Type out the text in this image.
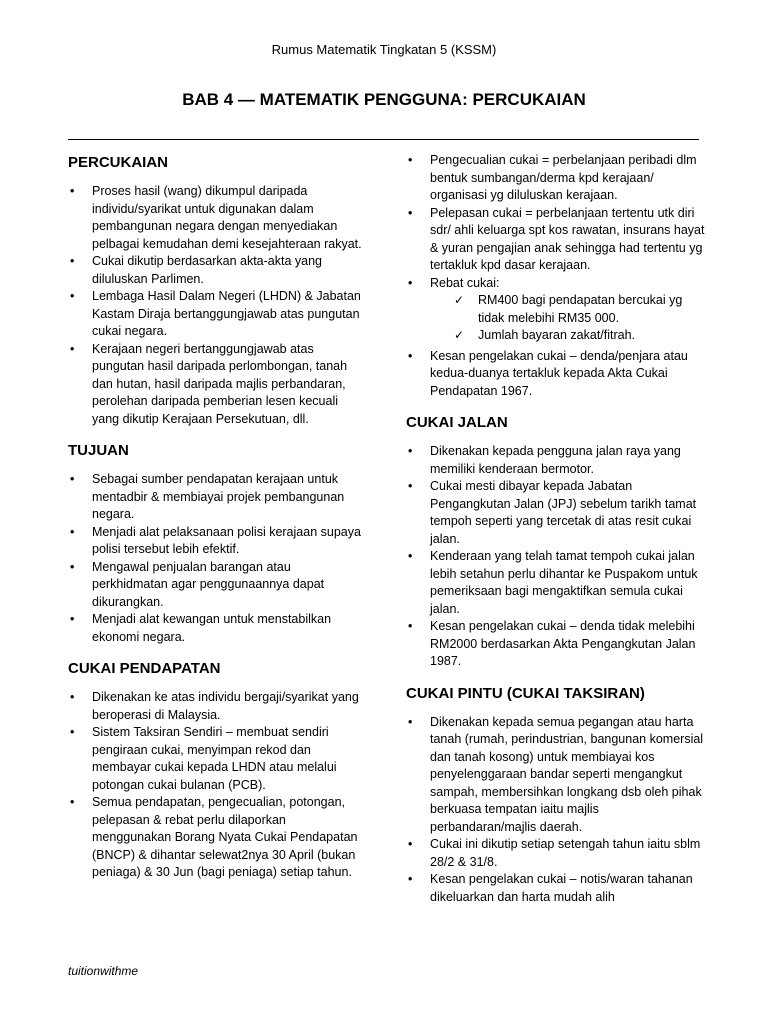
Rumus Matematik Tingkatan 5 (KSSM)
BAB 4 — MATEMATIK PENGGUNA: PERCUKAIAN
PERCUKAIAN
• Proses hasil (wang) dikumpul daripada individu/syarikat untuk digunakan dalam pembangunan negara dengan menyediakan pelbagai kemudahan demi kesejahteraan rakyat.
• Cukai dikutip berdasarkan akta-akta yang diluluskan Parlimen.
• Lembaga Hasil Dalam Negeri (LHDN) & Jabatan Kastam Diraja bertanggungjawab atas pungutan cukai negara.
• Kerajaan negeri bertanggungjawab atas pungutan hasil daripada perlombongan, tanah dan hutan, hasil daripada majlis perbandaran, perolehan daripada pemberian lesen kecuali yang dikutip Kerajaan Persekutuan, dll.
TUJUAN
• Sebagai sumber pendapatan kerajaan untuk mentadbir & membiayai projek pembangunan negara.
• Menjadi alat pelaksanaan polisi kerajaan supaya polisi tersebut lebih efektif.
• Mengawal penjualan barangan atau perkhidmatan agar penggunaannya dapat dikurangkan.
• Menjadi alat kewangan untuk menstabilkan ekonomi negara.
CUKAI PENDAPATAN
• Dikenakan ke atas individu bergaji/syarikat yang beroperasi di Malaysia.
• Sistem Taksiran Sendiri – membuat sendiri pengiraan cukai, menyimpan rekod dan membayar cukai kepada LHDN atau melalui potongan cukai bulanan (PCB).
• Semua pendapatan, pengecualian, potongan, pelepasan & rebat perlu dilaporkan menggunakan Borang Nyata Cukai Pendapatan (BNCP) & dihantar selewat2nya 30 April (bukan peniaga) & 30 Jun (bagi peniaga) setiap tahun.
• Pengecualian cukai = perbelanjaan peribadi dlm bentuk sumbangan/derma kpd kerajaan/ organisasi yg diluluskan kerajaan.
• Pelepasan cukai = perbelanjaan tertentu utk diri sdr/ ahli keluarga spt kos rawatan, insurans hayat & yuran pengajian anak sehingga had tertentu yg tertakluk kpd dasar kerajaan.
• Rebat cukai:
✓ RM400 bagi pendapatan bercukai yg tidak melebihi RM35 000.
✓ Jumlah bayaran zakat/fitrah.
• Kesan pengelakan cukai – denda/penjara atau kedua-duanya tertakluk kepada Akta Cukai Pendapatan 1967.
CUKAI JALAN
• Dikenakan kepada pengguna jalan raya yang memiliki kenderaan bermotor.
• Cukai mesti dibayar kepada Jabatan Pengangkutan Jalan (JPJ) sebelum tarikh tamat tempoh seperti yang tercetak di atas resit cukai jalan.
• Kenderaan yang telah tamat tempoh cukai jalan lebih setahun perlu dihantar ke Puspakom untuk pemeriksaan bagi mengaktifkan semula cukai jalan.
• Kesan pengelakan cukai – denda tidak melebihi RM2000 berdasarkan Akta Pengangkutan Jalan 1987.
CUKAI PINTU (CUKAI TAKSIRAN)
• Dikenakan kepada semua pegangan atau harta tanah (rumah, perindustrian, bangunan komersial dan tanah kosong) untuk membiayai kos penyelenggaraan bandar seperti mengangkut sampah, membersihkan longkang dsb oleh pihak berkuasa tempatan iaitu majlis perbandaran/majlis daerah.
• Cukai ini dikutip setiap setengah tahun iaitu sblm 28/2 & 31/8.
• Kesan pengelakan cukai – notis/waran tahanan dikeluarkan dan harta mudah alih
tuitionwithme
